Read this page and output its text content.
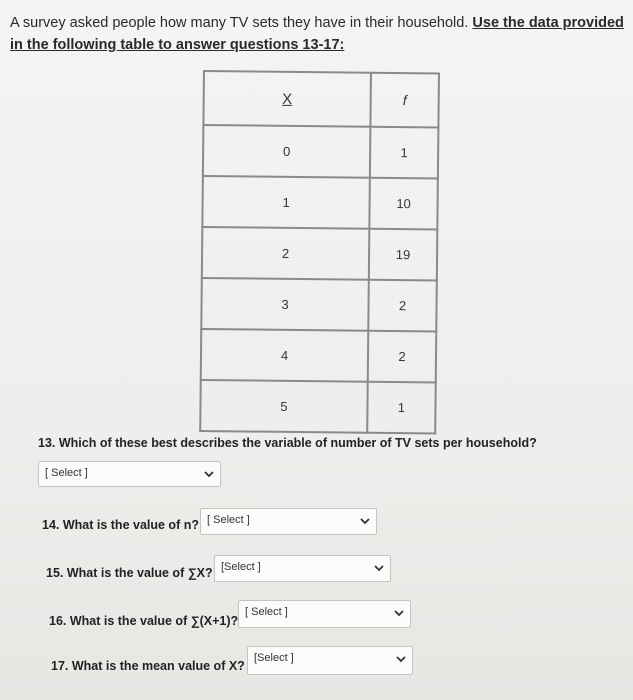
A survey asked people how many TV sets they have in their household. Use the data provided in the following table to answer questions 13-17:
X	f
0	1
1	10
2	19
3	2
4	2
5	1
13. Which of these best describes the variable of number of TV sets per household?
[ Select ]
14. What is the value of n? [ Select ]
15. What is the value of ∑X? [Select ]
16. What is the value of ∑(X+1)?
[ Select ]
17. What is the mean value of X?
[Select ]
